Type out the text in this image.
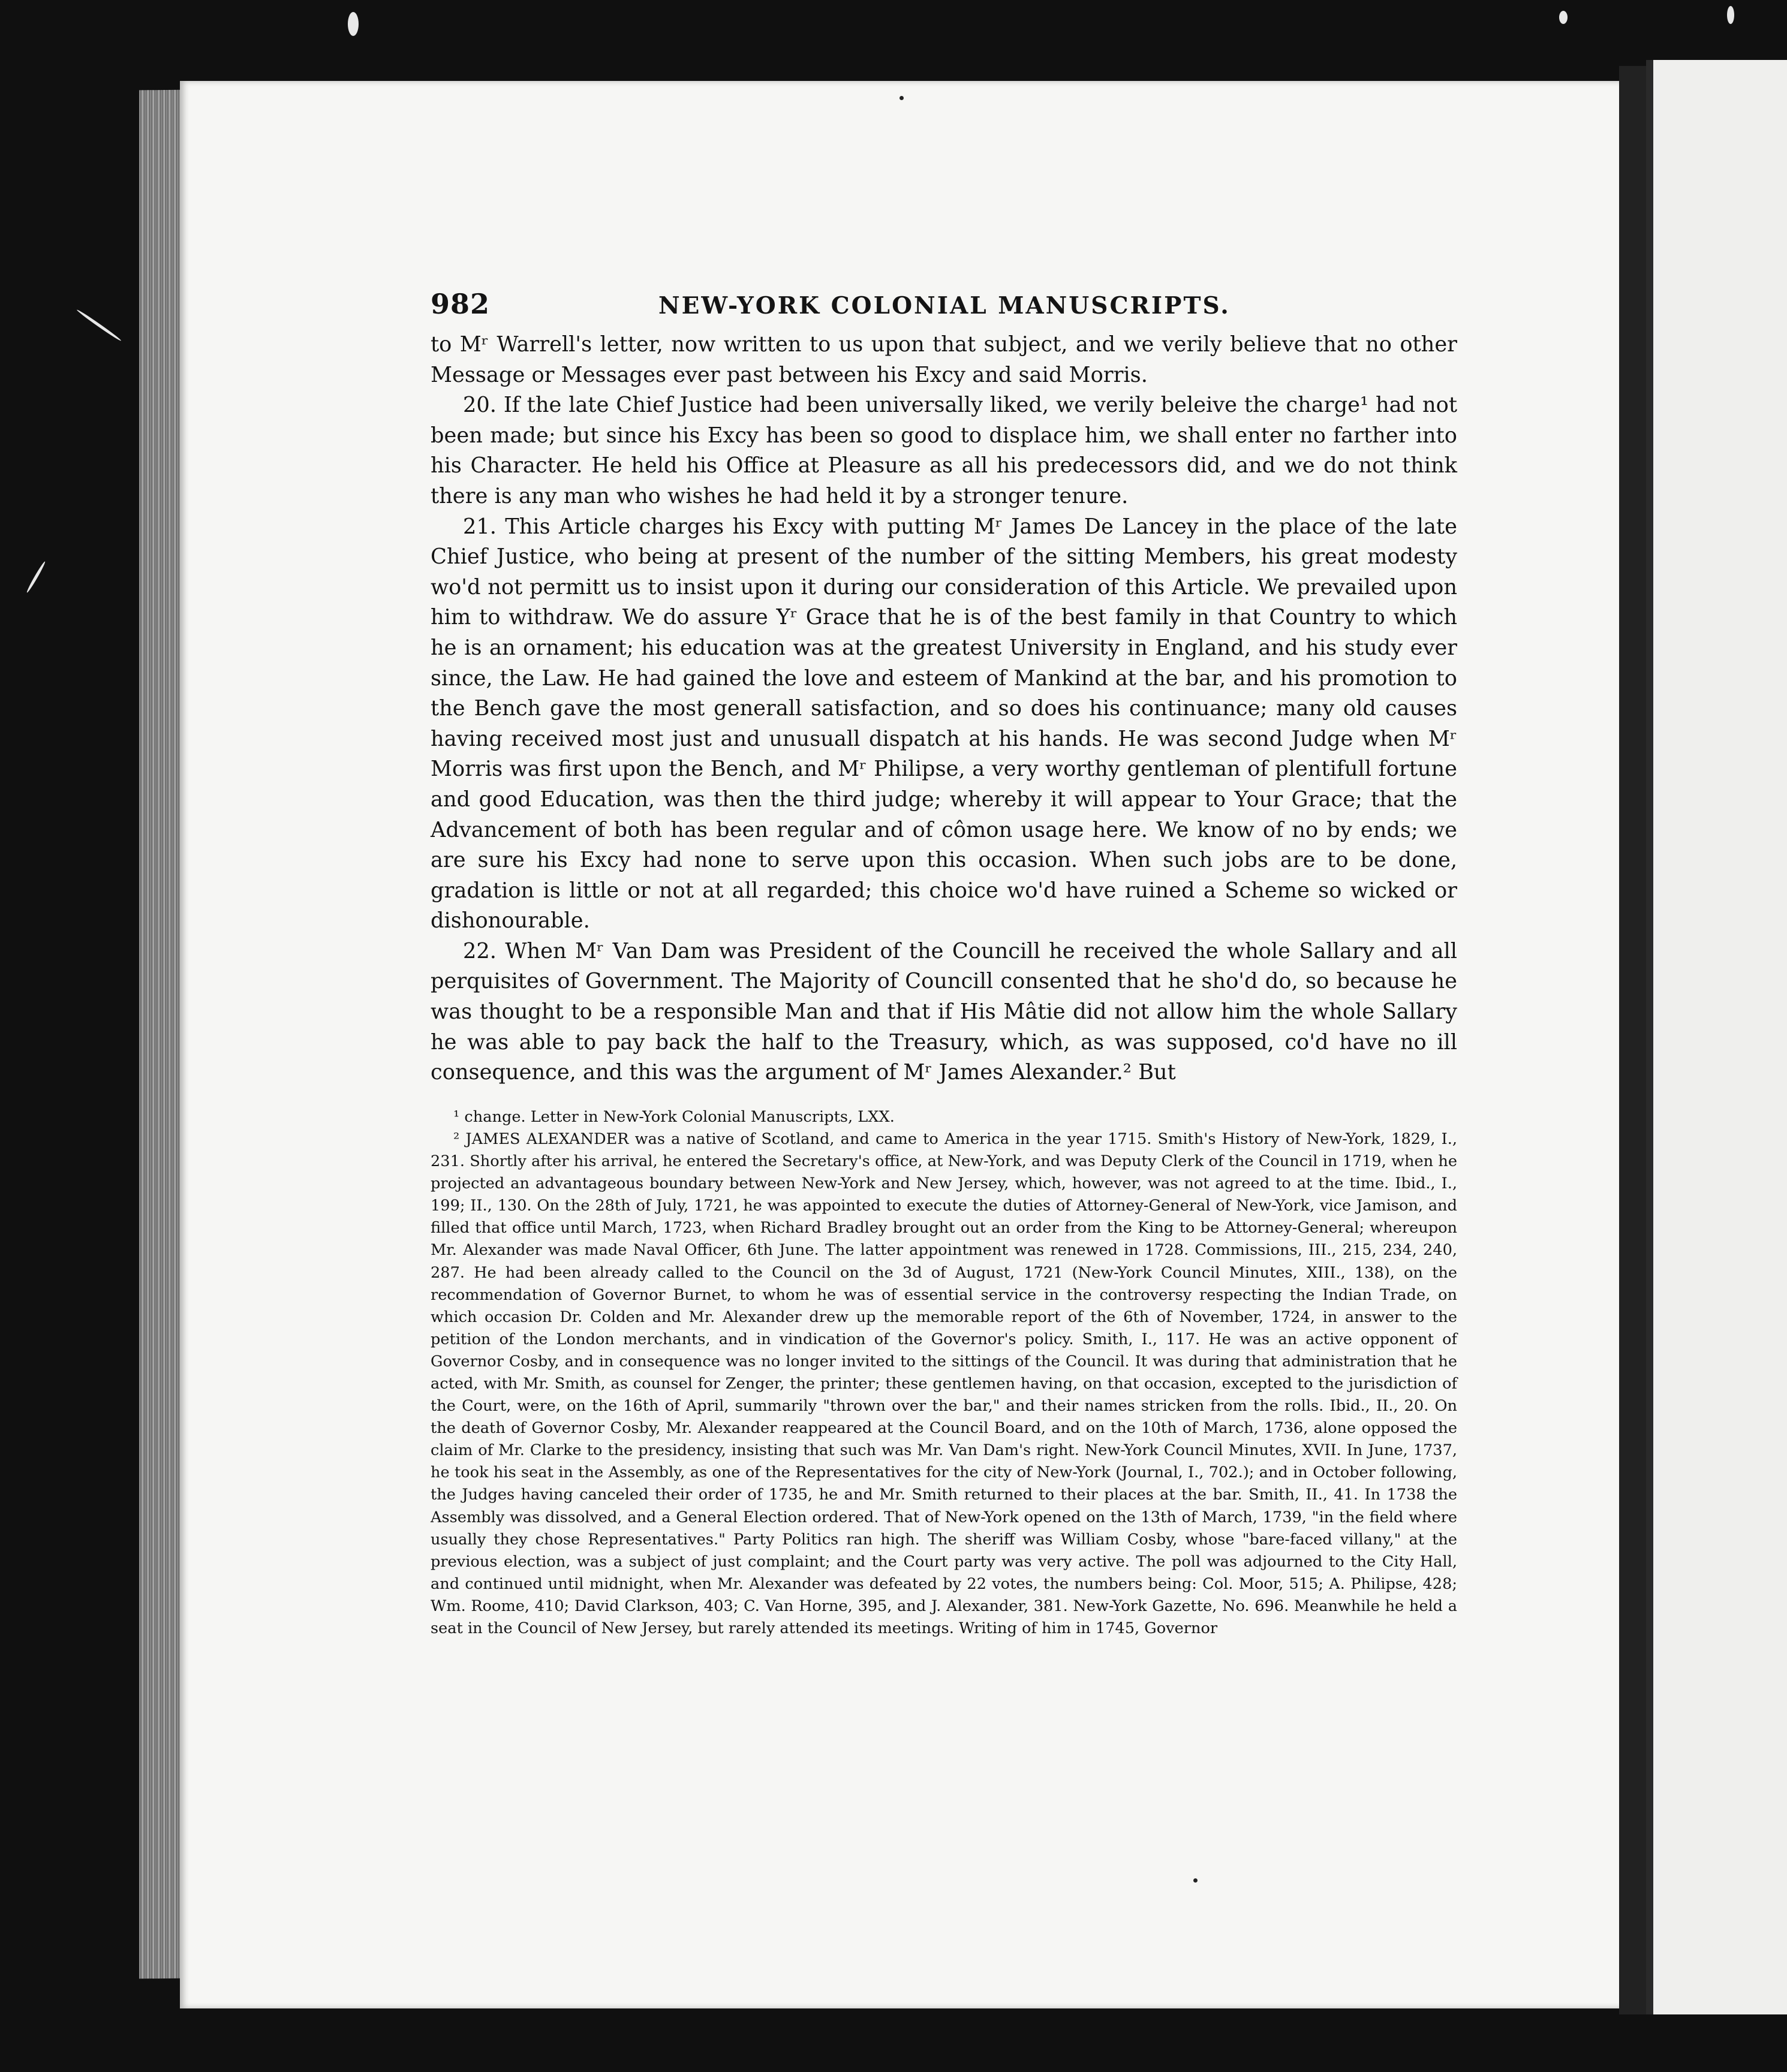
982	NEW-YORK COLONIAL MANUSCRIPTS.

to Mʳ Warrell's letter, now written to us upon that subject, and we verily believe that no other Message or Messages ever past between his Excy and said Morris.

20. If the late Chief Justice had been universally liked, we verily beleive the charge¹ had not been made; but since his Excy has been so good to displace him, we shall enter no farther into his Character. He held his Office at Pleasure as all his predecessors did, and we do not think there is any man who wishes he had held it by a stronger tenure.

21. This Article charges his Excy with putting Mʳ James De Lancey in the place of the late Chief Justice, who being at present of the number of the sitting Members, his great modesty wo'd not permitt us to insist upon it during our consideration of this Article. We prevailed upon him to withdraw. We do assure Yʳ Grace that he is of the best family in that Country to which he is an ornament; his education was at the greatest University in England, and his study ever since, the Law. He had gained the love and esteem of Mankind at the bar, and his promotion to the Bench gave the most generall satisfaction, and so does his continuance; many old causes having received most just and unusuall dispatch at his hands. He was second Judge when Mʳ Morris was first upon the Bench, and Mʳ Philipse, a very worthy gentleman of plentifull fortune and good Education, was then the third judge; whereby it will appear to Your Grace; that the Advancement of both has been regular and of cômon usage here. We know of no by ends; we are sure his Excy had none to serve upon this occasion. When such jobs are to be done, gradation is little or not at all regarded; this choice wo'd have ruined a Scheme so wicked or dishonourable.

22. When Mʳ Van Dam was President of the Councill he received the whole Sallary and all perquisites of Government. The Majority of Councill consented that he sho'd do, so because he was thought to be a responsible Man and that if His Mâtie did not allow him the whole Sallary he was able to pay back the half to the Treasury, which, as was supposed, co'd have no ill consequence, and this was the argument of Mʳ James Alexander.² But

¹ change. Letter in New-York Colonial Manuscripts, LXX.

² JAMES ALEXANDER was a native of Scotland, and came to America in the year 1715. Smith's History of New-York, 1829, I., 231. Shortly after his arrival, he entered the Secretary's office, at New-York, and was Deputy Clerk of the Council in 1719, when he projected an advantageous boundary between New-York and New Jersey, which, however, was not agreed to at the time. Ibid., I., 199; II., 130. On the 28th of July, 1721, he was appointed to execute the duties of Attorney-General of New-York, vice Jamison, and filled that office until March, 1723, when Richard Bradley brought out an order from the King to be Attorney-General; whereupon Mr. Alexander was made Naval Officer, 6th June. The latter appointment was renewed in 1728. Commissions, III., 215, 234, 240, 287. He had been already called to the Council on the 3d of August, 1721 (New-York Council Minutes, XIII., 138), on the recommendation of Governor Burnet, to whom he was of essential service in the controversy respecting the Indian Trade, on which occasion Dr. Colden and Mr. Alexander drew up the memorable report of the 6th of November, 1724, in answer to the petition of the London merchants, and in vindication of the Governor's policy. Smith, I., 117. He was an active opponent of Governor Cosby, and in consequence was no longer invited to the sittings of the Council. It was during that administration that he acted, with Mr. Smith, as counsel for Zenger, the printer; these gentlemen having, on that occasion, excepted to the jurisdiction of the Court, were, on the 16th of April, summarily "thrown over the bar," and their names stricken from the rolls. Ibid., II., 20. On the death of Governor Cosby, Mr. Alexander reappeared at the Council Board, and on the 10th of March, 1736, alone opposed the claim of Mr. Clarke to the presidency, insisting that such was Mr. Van Dam's right. New-York Council Minutes, XVII. In June, 1737, he took his seat in the Assembly, as one of the Representatives for the city of New-York (Journal, I., 702.); and in October following, the Judges having canceled their order of 1735, he and Mr. Smith returned to their places at the bar. Smith, II., 41. In 1738 the Assembly was dissolved, and a General Election ordered. That of New-York opened on the 13th of March, 1739, "in the field where usually they chose Representatives." Party Politics ran high. The sheriff was William Cosby, whose "bare-faced villany," at the previous election, was a subject of just complaint; and the Court party was very active. The poll was adjourned to the City Hall, and continued until midnight, when Mr. Alexander was defeated by 22 votes, the numbers being: Col. Moor, 515; A. Philipse, 428; Wm. Roome, 410; David Clarkson, 403; C. Van Horne, 395, and J. Alexander, 381. New-York Gazette, No. 696. Meanwhile he held a seat in the Council of New Jersey, but rarely attended its meetings. Writing of him in 1745, Governor
